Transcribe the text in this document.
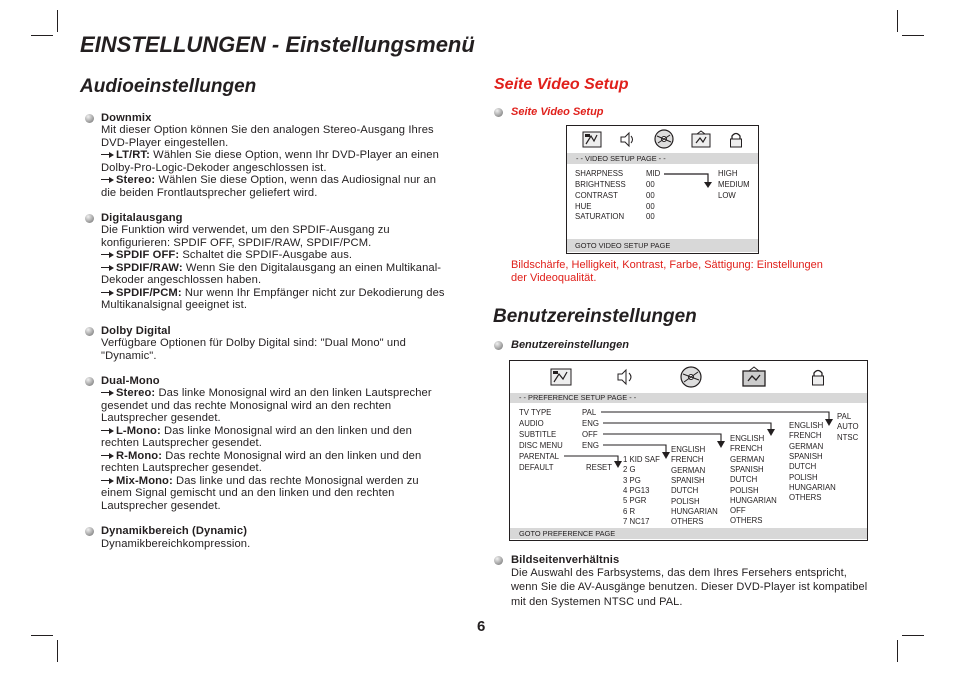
EINSTELLUNGEN - Einstellungsmenü
6
Audioeinstellungen
Downmix
Mit dieser Option können Sie den analogen Stereo-Ausgang Ihres
DVD-Player eingestellen.
LT/RT: Wählen Sie diese Option, wenn Ihr DVD-Player an einen
Dolby-Pro-Logic-Dekoder angeschlossen ist.
Stereo: Wählen Sie diese Option, wenn das Audiosignal nur an
die beiden Frontlautsprecher geliefert wird.
Digitalausgang
Die Funktion wird verwendet, um den SPDIF-Ausgang zu
konfigurieren: SPDIF OFF, SPDIF/RAW, SPDIF/PCM.
SPDIF OFF: Schaltet die SPDIF-Ausgabe aus.
SPDIF/RAW: Wenn Sie den Digitalausgang an einen Multikanal-
Dekoder angeschlossen haben.
SPDIF/PCM: Nur wenn Ihr Empfänger nicht zur Dekodierung des
Multikanalsignal geeignet ist.
Dolby Digital
Verfügbare Optionen für Dolby Digital sind: "Dual Mono" und
"Dynamic".
Dual-Mono
Stereo: Das linke Monosignal wird an den linken Lautsprecher
gesendet und das rechte Monosignal wird an den rechten
Lautsprecher gesendet.
L-Mono: Das linke Monosignal wird an den linken und den
rechten Lautsprecher gesendet.
R-Mono: Das rechte Monosignal wird an den linken und den
rechten Lautsprecher gesendet.
Mix-Mono: Das linke und das rechte Monosignal werden zu
einem Signal gemischt und an den linken und den rechten
Lautsprecher gesendet.
Dynamikbereich (Dynamic)
Dynamikbereichkompression.
Seite Video Setup
Seite Video Setup
- - VIDEO SETUP PAGE - -
SHARPNESS
BRIGHTNESS
CONTRAST
HUE
SATURATION
MID
00
00
00
00
HIGH
MEDIUM
LOW
GOTO VIDEO SETUP PAGE
Bildschärfe, Helligkeit, Kontrast, Farbe, Sättigung: Einstellungen
der Videoqualität.
Benutzereinstellungen
Benutzereinstellungen
- - PREFERENCE SETUP PAGE - -
TV TYPE
AUDIO
SUBTITLE
DISC MENU
PARENTAL
DEFAULT
PAL
ENG
OFF
ENG
RESET
1 KID SAF
2 G
3 PG
4 PG13
5 PGR
6 R
7 NC17
ENGLISH
FRENCH
GERMAN
SPANISH
DUTCH
POLISH
HUNGARIAN
OTHERS
ENGLISH
FRENCH
GERMAN
SPANISH
DUTCH
POLISH
HUNGARIAN
OFF
OTHERS
ENGLISH
FRENCH
GERMAN
SPANISH
DUTCH
POLISH
HUNGARIAN
OTHERS
PAL
AUTO
NTSC
GOTO PREFERENCE PAGE
Bildseitenverhältnis
Die Auswahl des Farbsystems, das dem Ihres Fersehers entspricht,
wenn Sie die AV-Ausgänge benutzen. Dieser DVD-Player ist kompatibel
mit den Systemen NTSC und PAL.
